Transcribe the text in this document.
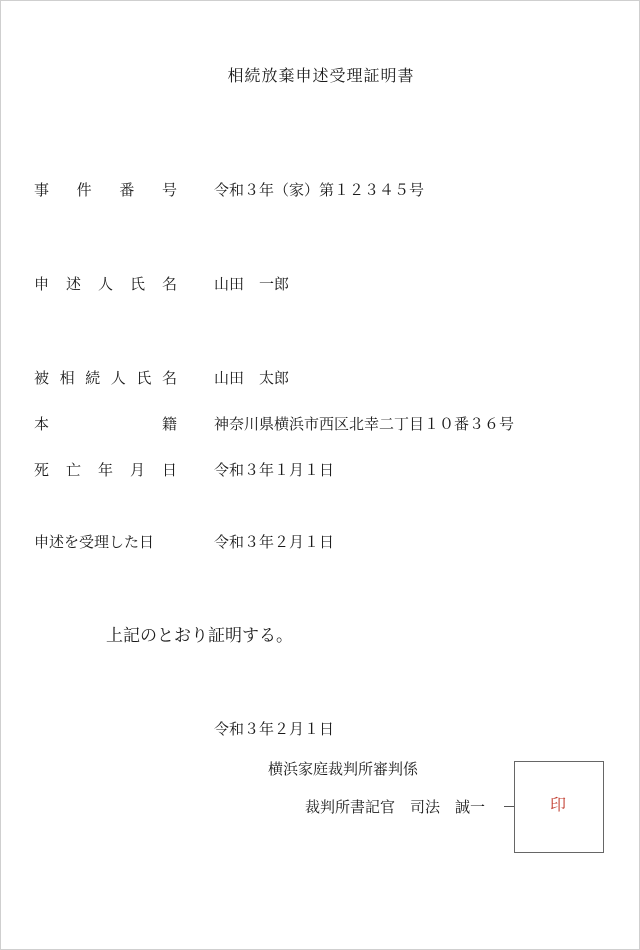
相続放棄申述受理証明書
事 件 番 号 令和３年（家）第１２３４５号
申 述 人 氏 名 山田　一郎
被 相 続 人 氏 名 山田　太郎
本	籍 神奈川県横浜市西区北幸二丁目１０番３６号
死 亡 年 月 日 令和３年１月１日
申述を受理した日	令和３年２月１日
上記のとおり証明する。
令和３年２月１日
横浜家庭裁判所審判係
裁判所書記官　司法　誠一	印
